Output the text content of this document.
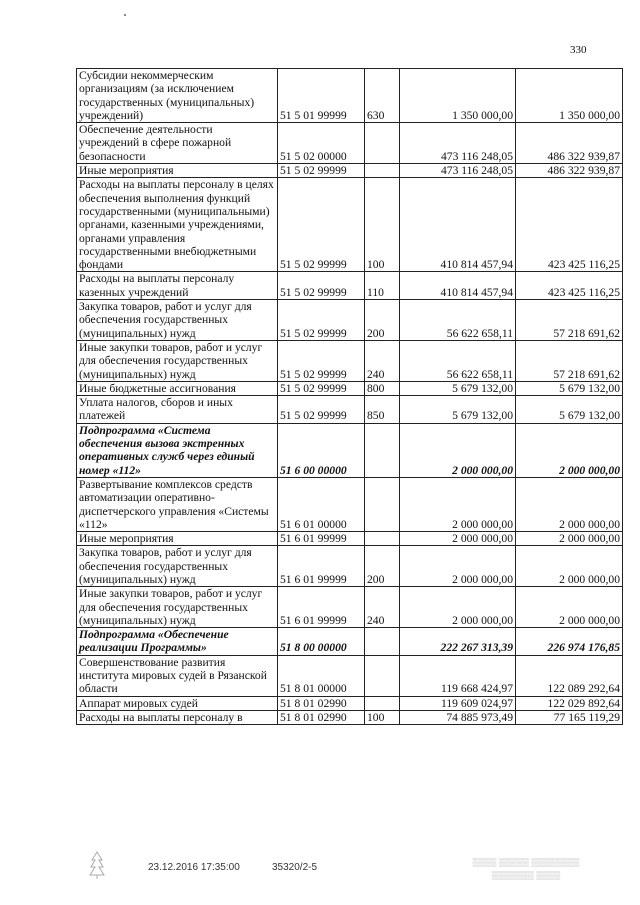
330
Субсидии некоммерческим организациям (за исключением государственных (муниципальных) учреждений)	51 5 01 99999	630	1 350 000,00	1 350 000,00
Обеспечение деятельности учреждений в сфере пожарной безопасности	51 5 02 00000		473 116 248,05	486 322 939,87
Иные мероприятия	51 5 02 99999		473 116 248,05	486 322 939,87
Расходы на выплаты персоналу в целях обеспечения выполнения функций государственными (муниципальными) органами, казенными учреждениями, органами управления государственными внебюджетными фондами	51 5 02 99999	100	410 814 457,94	423 425 116,25
Расходы на выплаты персоналу казенных учреждений	51 5 02 99999	110	410 814 457,94	423 425 116,25
Закупка товаров, работ и услуг для обеспечения государственных (муниципальных) нужд	51 5 02 99999	200	56 622 658,11	57 218 691,62
Иные закупки товаров, работ и услуг для обеспечения государственных (муниципальных) нужд	51 5 02 99999	240	56 622 658,11	57 218 691,62
Иные бюджетные ассигнования	51 5 02 99999	800	5 679 132,00	5 679 132,00
Уплата налогов, сборов и иных платежей	51 5 02 99999	850	5 679 132,00	5 679 132,00
Подпрограмма «Система обеспечения вызова экстренных оперативных служб через единый номер «112»	51 6 00 00000		2 000 000,00	2 000 000,00
Развертывание комплексов средств автоматизации оперативно-диспетчерского управления «Системы «112»	51 6 01 00000		2 000 000,00	2 000 000,00
Иные мероприятия	51 6 01 99999		2 000 000,00	2 000 000,00
Закупка товаров, работ и услуг для обеспечения государственных (муниципальных) нужд	51 6 01 99999	200	2 000 000,00	2 000 000,00
Иные закупки товаров, работ и услуг для обеспечения государственных (муниципальных) нужд	51 6 01 99999	240	2 000 000,00	2 000 000,00
Подпрограмма «Обеспечение реализации Программы»	51 8 00 00000		222 267 313,39	226 974 176,85
Совершенствование развития института мировых судей в Рязанской области	51 8 01 00000		119 668 424,97	122 089 292,64
Аппарат мировых судей	51 8 01 02990		119 609 024,97	122 029 892,64
Расходы на выплаты персоналу в	51 8 01 02990	100	74 885 973,49	77 165 119,29
23.12.2016 17:35:00	35320/2-5	▒▒▒▒ ▒▒▒▒▒ ▒▒▒▒▒▒▒▒
▒▒▒▒▒▒▒ ▒▒▒▒
